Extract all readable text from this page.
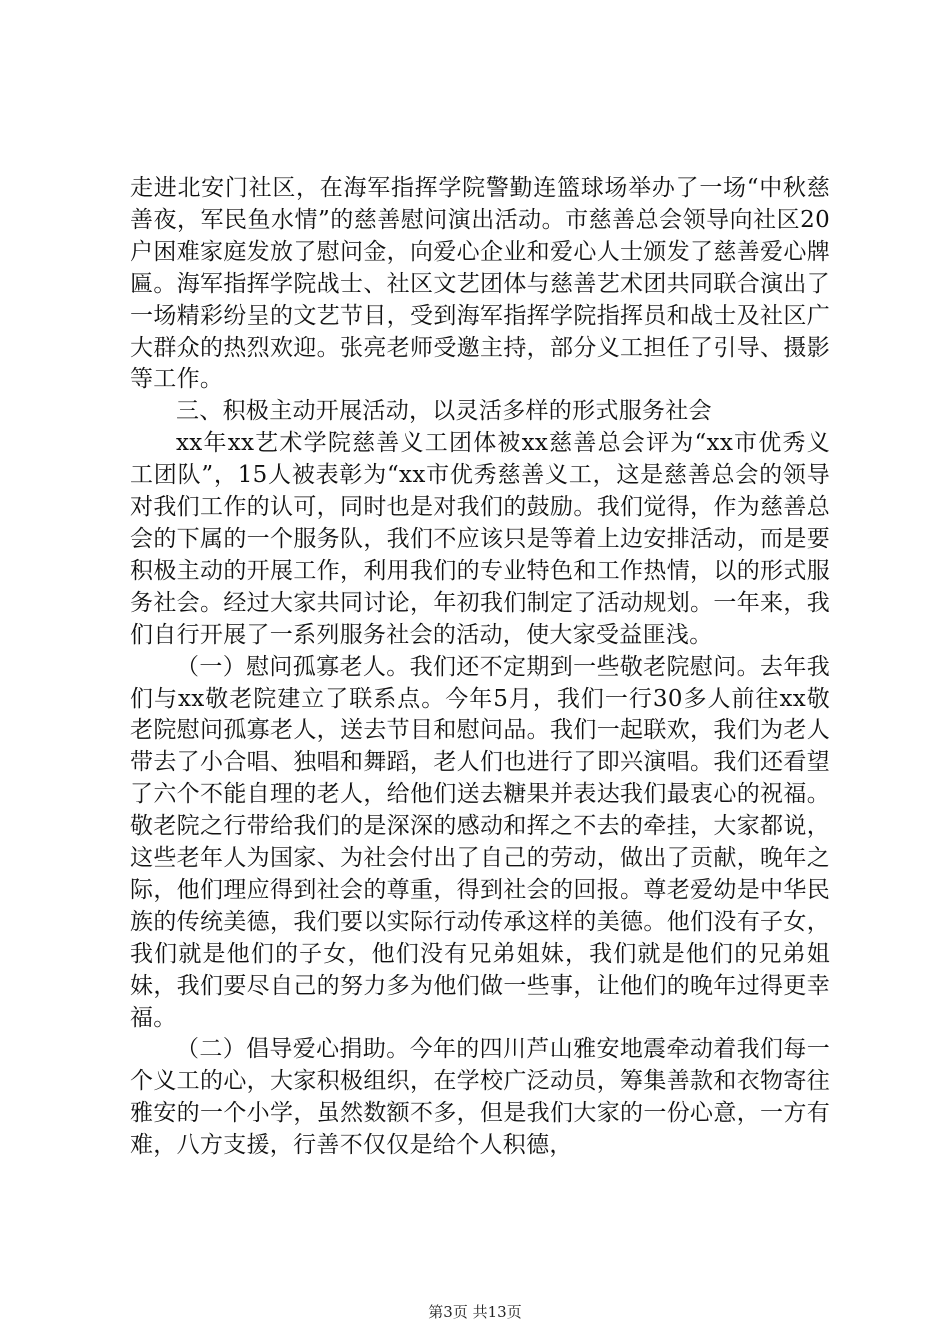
走进北安门社区，在海军指挥学院警勤连篮球场举办了一场“中秋慈善夜，军民鱼水情”的慈善慰问演出活动。市慈善总会领导向社区20户困难家庭发放了慰问金，向爱心企业和爱心人士颁发了慈善爱心牌匾。海军指挥学院战士、社区文艺团体与慈善艺术团共同联合演出了一场精彩纷呈的文艺节目，受到海军指挥学院指挥员和战士及社区广大群众的热烈欢迎。张亮老师受邀主持，部分义工担任了引导、摄影等工作。

三、积极主动开展活动，以灵活多样的形式服务社会

xx年xx艺术学院慈善义工团体被xx慈善总会评为“xx市优秀义工团队”，15人被表彰为“xx市优秀慈善义工，这是慈善总会的领导对我们工作的认可，同时也是对我们的鼓励。我们觉得，作为慈善总会的下属的一个服务队，我们不应该只是等着上边安排活动，而是要积极主动的开展工作，利用我们的专业特色和工作热情，以的形式服务社会。经过大家共同讨论，年初我们制定了活动规划。一年来，我们自行开展了一系列服务社会的活动，使大家受益匪浅。

（一）慰问孤寡老人。我们还不定期到一些敬老院慰问。去年我们与xx敬老院建立了联系点。今年5月，我们一行30多人前往xx敬老院慰问孤寡老人，送去节目和慰问品。我们一起联欢，我们为老人带去了小合唱、独唱和舞蹈，老人们也进行了即兴演唱。我们还看望了六个不能自理的老人，给他们送去糖果并表达我们最衷心的祝福。敬老院之行带给我们的是深深的感动和挥之不去的牵挂，大家都说，这些老年人为国家、为社会付出了自己的劳动，做出了贡献，晚年之际，他们理应得到社会的尊重，得到社会的回报。尊老爱幼是中华民族的传统美德，我们要以实际行动传承这样的美德。他们没有子女，我们就是他们的子女，他们没有兄弟姐妹，我们就是他们的兄弟姐妹，我们要尽自己的努力多为他们做一些事，让他们的晚年过得更幸福。

（二）倡导爱心捐助。今年的四川芦山雅安地震牵动着我们每一个义工的心，大家积极组织，在学校广泛动员，筹集善款和衣物寄往雅安的一个小学，虽然数额不多，但是我们大家的一份心意，一方有难，八方支援，行善不仅仅是给个人积德，

第3页 共13页
